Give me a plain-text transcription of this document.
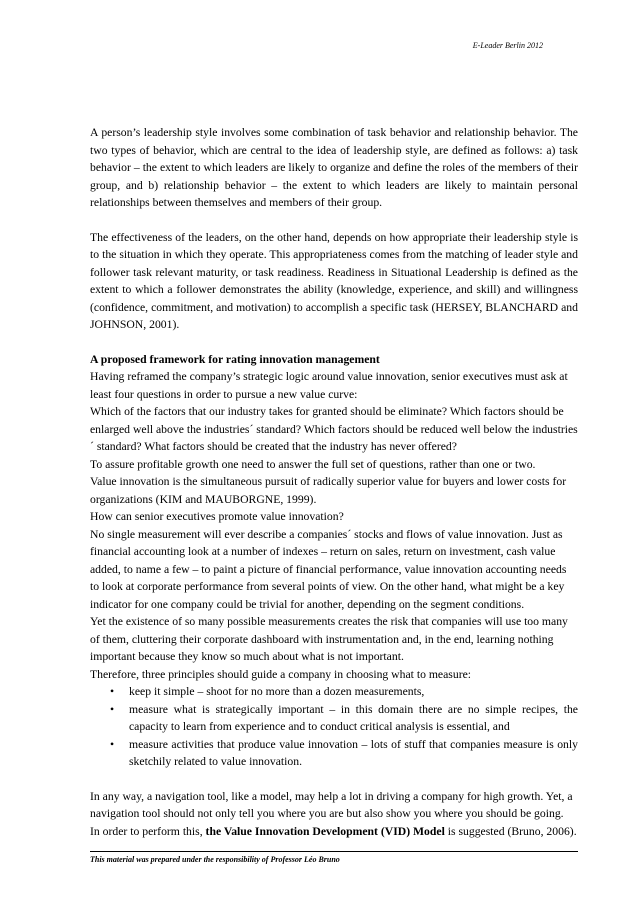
E-Leader Berlin 2012

A person’s leadership style involves some combination of task behavior and relationship behavior. The two types of behavior, which are central to the idea of leadership style, are defined as follows: a) task behavior – the extent to which leaders are likely to organize and define the roles of the members of their group, and b) relationship behavior – the extent to which leaders are likely to maintain personal relationships between themselves and members of their group.

The effectiveness of the leaders, on the other hand, depends on how appropriate their leadership style is to the situation in which they operate. This appropriateness comes from the matching of leader style and follower task relevant maturity, or task readiness. Readiness in Situational Leadership is defined as the extent to which a follower demonstrates the ability (knowledge, experience, and skill) and willingness (confidence, commitment, and motivation) to accomplish a specific task (HERSEY, BLANCHARD and JOHNSON, 2001).

A proposed framework for rating innovation management

Having reframed the company’s strategic logic around value innovation, senior executives must ask at least four questions in order to pursue a new value curve:

Which of the factors that our industry takes for granted should be eliminate? Which factors should be enlarged well above the industries´ standard? Which factors should be reduced well below the industries´ standard? What factors should be created that the industry has never offered?

To assure profitable growth one need to answer the full set of questions, rather than one or two.

Value innovation is the simultaneous pursuit of radically superior value for buyers and lower costs for organizations (KIM and MAUBORGNE, 1999).

How can senior executives promote value innovation?

No single measurement will ever describe a companies´ stocks and flows of value innovation. Just as financial accounting look at a number of indexes – return on sales, return on investment, cash value added, to name a few – to paint a picture of financial performance, value innovation accounting needs to look at corporate performance from several points of view. On the other hand, what might be a key indicator for one company could be trivial for another, depending on the segment conditions.

Yet the existence of so many possible measurements creates the risk that companies will use too many of them, cluttering their corporate dashboard with instrumentation and, in the end, learning nothing important because they know so much about what is not important.

Therefore, three principles should guide a company in choosing what to measure:

• keep it simple – shoot for no more than a dozen measurements,
• measure what is strategically important – in this domain there are no simple recipes, the capacity to learn from experience and to conduct critical analysis is essential, and
• measure activities that produce value innovation – lots of stuff that companies measure is only sketchily related to value innovation.

In any way, a navigation tool, like a model, may help a lot in driving a company for high growth. Yet, a navigation tool should not only tell you where you are but also show you where you should be going.

In order to perform this, the Value Innovation Development (VID) Model is suggested (Bruno, 2006).

This material was prepared under the responsibility of Professor Léo Bruno
